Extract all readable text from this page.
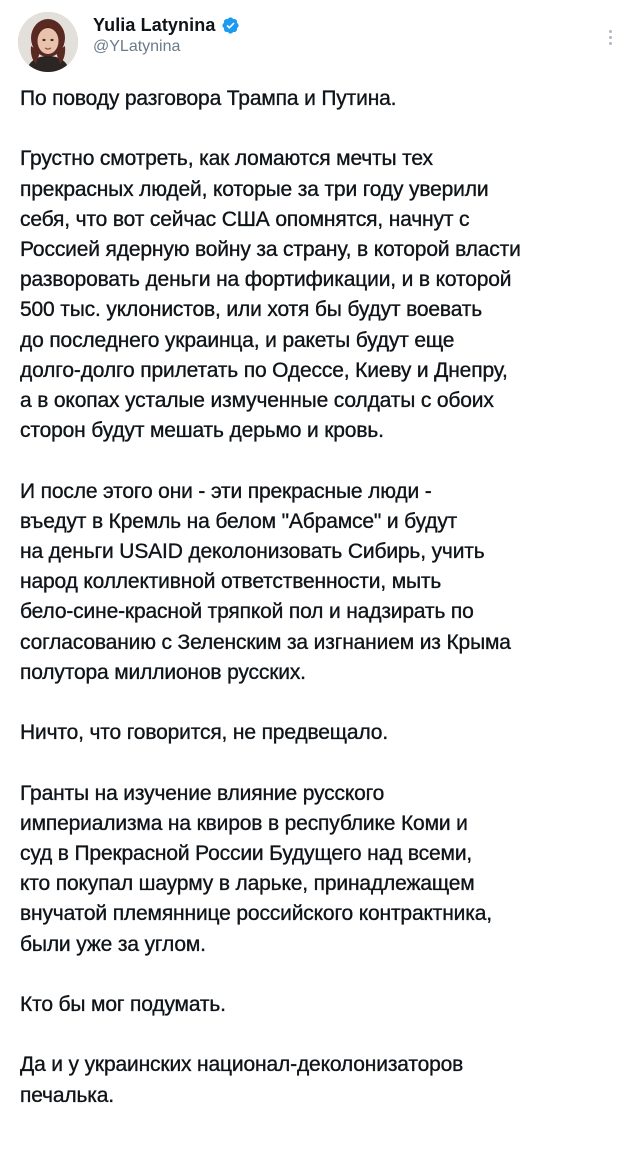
Yulia Latynina
@YLatynina
По поводу разговора Трампа и Путина.
Грустно смотреть, как ломаются мечты тех
прекрасных людей, которые за три году уверили
себя, что вот сейчас США опомнятся, начнут с
Россией ядерную войну за страну, в которой власти
разворовать деньги на фортификации, и в которой
500 тыс. уклонистов, или хотя бы будут воевать
до последнего украинца, и ракеты будут еще
долго-долго прилетать по Одессе, Киеву и Днепру,
а в окопах усталые измученные солдаты с обоих
сторон будут мешать дерьмо и кровь.
И после этого они - эти прекрасные люди -
въедут в Кремль на белом "Абрамсе" и будут
на деньги USAID деколонизовать Сибирь, учить
народ коллективной ответственности, мыть
бело-сине-красной тряпкой пол и надзирать по
согласованию с Зеленским за изгнанием из Крыма
полутора миллионов русских.
Ничто, что говорится, не предвещало.
Гранты на изучение влияние русского
империализма на квиров в республике Коми и
суд в Прекрасной России Будущего над всеми,
кто покупал шаурму в ларьке, принадлежащем
внучатой племяннице российского контрактника,
были уже за углом.
Кто бы мог подумать.
Да и у украинских национал-деколонизаторов
печалька.
